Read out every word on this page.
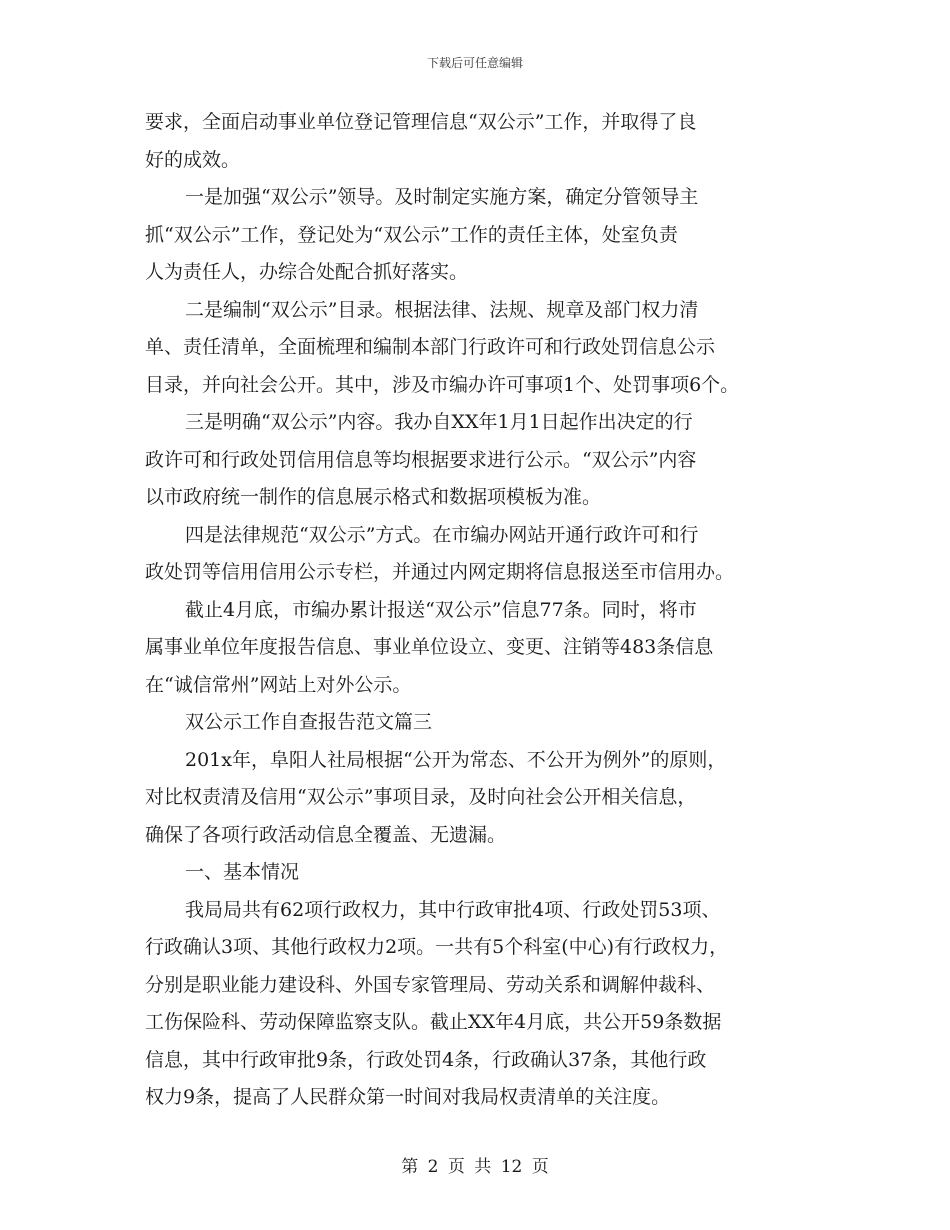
下载后可任意编辑

要求，全面启动事业单位登记管理信息“双公示”工作，并取得了良
好的成效。

一是加强“双公示”领导。及时制定实施方案，确定分管领导主
抓“双公示”工作，登记处为“双公示”工作的责任主体，处室负责
人为责任人，办综合处配合抓好落实。

二是编制“双公示”目录。根据法律、法规、规章及部门权力清
单、责任清单，全面梳理和编制本部门行政许可和行政处罚信息公示
目录，并向社会公开。其中，涉及市编办许可事项1个、处罚事项6个。

三是明确“双公示”内容。我办自XX年1月1日起作出决定的行
政许可和行政处罚信用信息等均根据要求进行公示。“双公示”内容
以市政府统一制作的信息展示格式和数据项模板为准。

四是法律规范“双公示”方式。在市编办网站开通行政许可和行
政处罚等信用信用公示专栏，并通过内网定期将信息报送至市信用办。

截止4月底，市编办累计报送“双公示”信息77条。同时，将市
属事业单位年度报告信息、事业单位设立、变更、注销等483条信息
在“诚信常州”网站上对外公示。

双公示工作自查报告范文篇三

201x年，阜阳人社局根据“公开为常态、不公开为例外”的原则，
对比权责清及信用“双公示”事项目录，及时向社会公开相关信息，
确保了各项行政活动信息全覆盖、无遗漏。

一、基本情况

我局局共有62项行政权力，其中行政审批4项、行政处罚53项、
行政确认3项、其他行政权力2项。一共有5个科室(中心)有行政权力，
分别是职业能力建设科、外国专家管理局、劳动关系和调解仲裁科、
工伤保险科、劳动保障监察支队。截止XX年4月底，共公开59条数据
信息，其中行政审批9条，行政处罚4条，行政确认37条，其他行政
权力9条，提高了人民群众第一时间对我局权责清单的关注度。

第 2 页 共 12 页
